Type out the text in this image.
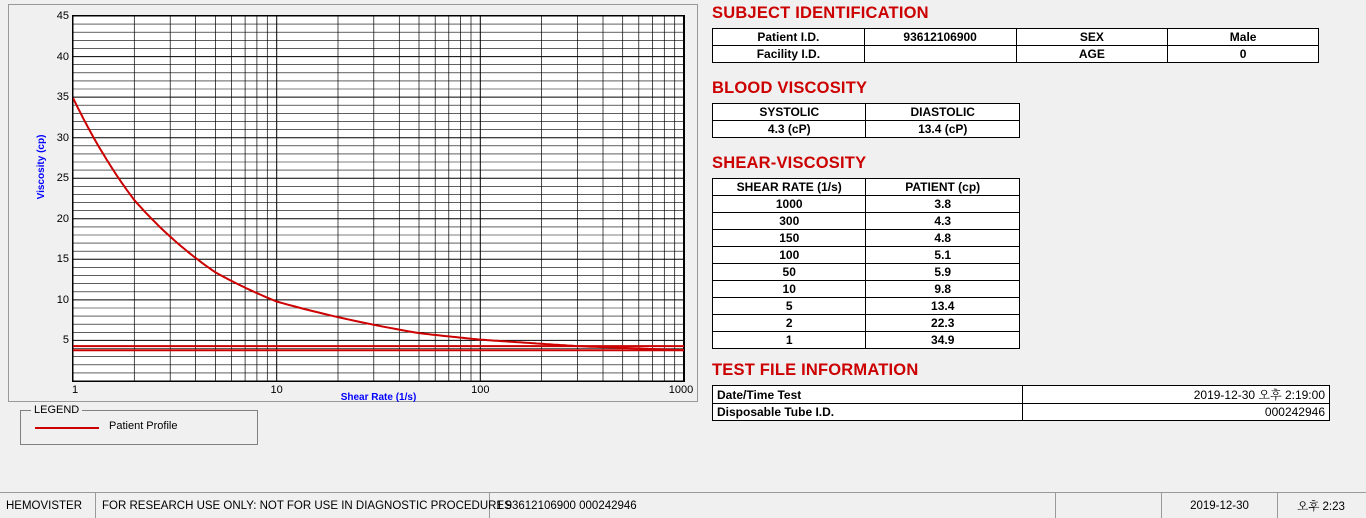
5
10
15
20
25
30
35
40
45
Viscosity (cp)
1	10	100	1000
Shear Rate (1/s)
LEGEND
Patient Profile
SUBJECT IDENTIFICATION
Patient I.D.	93612106900	SEX	Male
Facility I.D.		AGE	0
BLOOD VISCOSITY
SYSTOLIC	DIASTOLIC
4.3 (cP)	13.4 (cP)
SHEAR-VISCOSITY
SHEAR RATE (1/s)	PATIENT (cp)
1000	3.8
300	4.3
150	4.8
100	5.1
50	5.9
10	9.8
5	13.4
2	22.3
1	34.9
TEST FILE INFORMATION
Date/Time Test	2019-12-30 오후 2:19:00
Disposable Tube I.D.	000242946
HEMOVISTER	FOR RESEARCH USE ONLY: NOT FOR USE IN DIAGNOSTIC PROCEDURES
1 93612106900 000242946	2019-12-30	오후 2:23
